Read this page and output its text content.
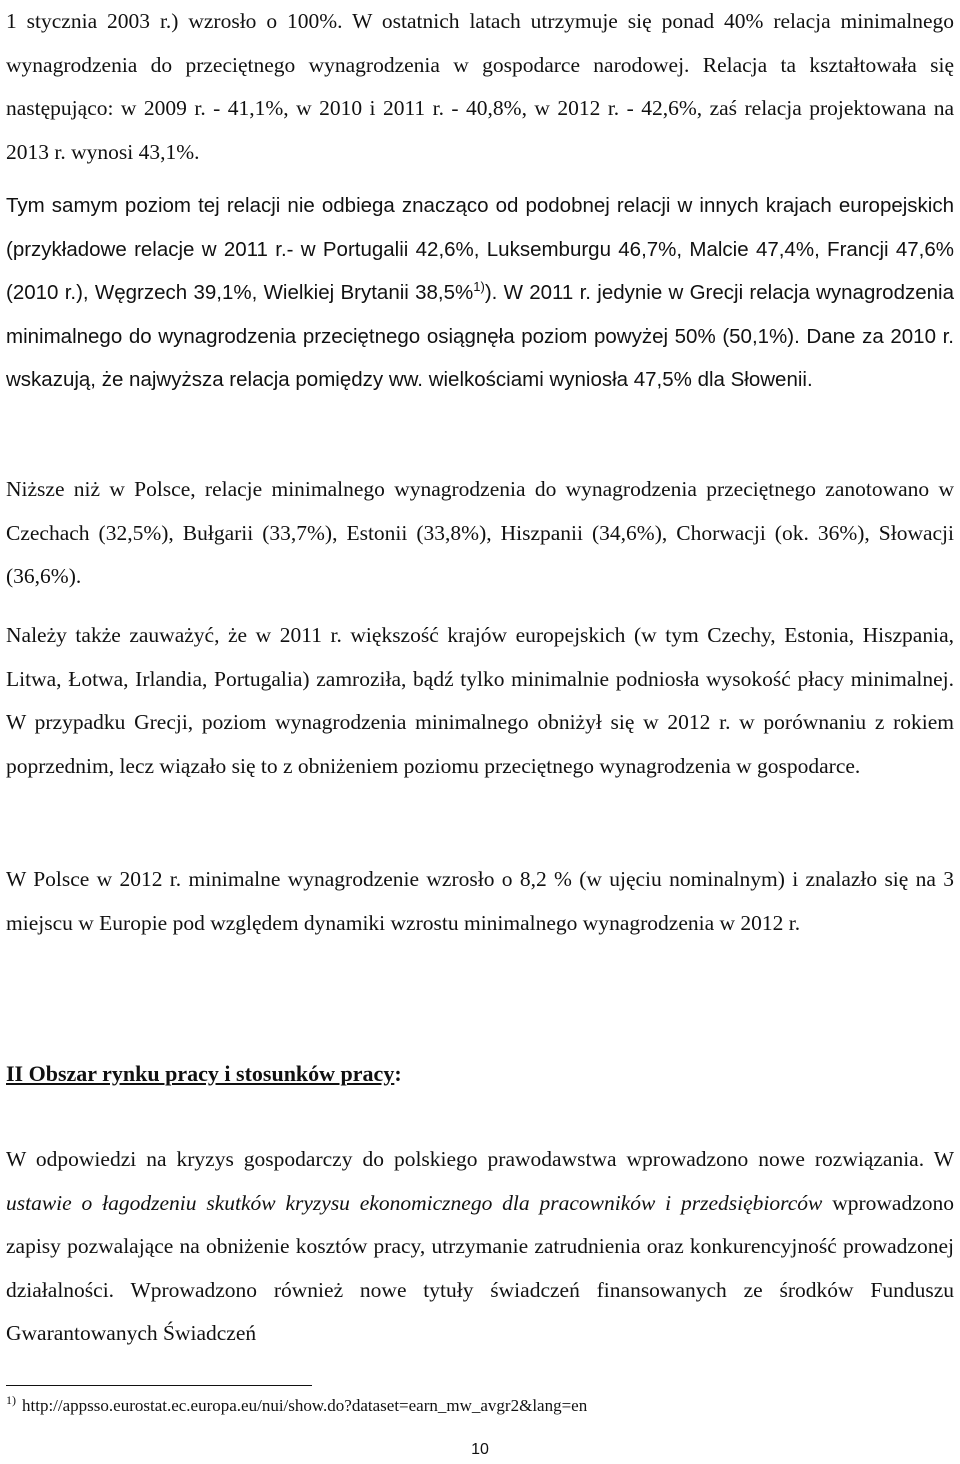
1 stycznia 2003 r.) wzrosło o 100%. W ostatnich latach utrzymuje się ponad 40% relacja minimalnego wynagrodzenia do przeciętnego wynagrodzenia w gospodarce narodowej. Relacja ta kształtowała się następująco: w 2009 r. - 41,1%, w 2010 i 2011 r. - 40,8%, w 2012 r. - 42,6%, zaś relacja projektowana na 2013 r. wynosi 43,1%.

Tym samym poziom tej relacji nie odbiega znacząco od podobnej relacji w innych krajach europejskich (przykładowe relacje w 2011 r.- w Portugalii 42,6%, Luksemburgu 46,7%, Malcie 47,4%, Francji 47,6% (2010 r.), Węgrzech 39,1%, Wielkiej Brytanii 38,5%$^{1)}$). W 2011 r. jedynie w Grecji relacja wynagrodzenia minimalnego do wynagrodzenia przeciętnego osiągnęła poziom powyżej 50% (50,1%). Dane za 2010 r. wskazują, że najwyższa relacja pomiędzy ww. wielkościami wyniosła 47,5% dla Słowenii.

Niższe niż w Polsce, relacje minimalnego wynagrodzenia do wynagrodzenia przeciętnego zanotowano w Czechach (32,5%), Bułgarii (33,7%), Estonii (33,8%), Hiszpanii (34,6%), Chorwacji (ok. 36%), Słowacji (36,6%).

Należy także zauważyć, że w 2011 r. większość krajów europejskich (w tym Czechy, Estonia, Hiszpania, Litwa, Łotwa, Irlandia, Portugalia) zamroziła, bądź tylko minimalnie podniosła wysokość płacy minimalnej. W przypadku Grecji, poziom wynagrodzenia minimalnego obniżył się w 2012 r. w porównaniu z rokiem poprzednim, lecz wiązało się to z obniżeniem poziomu przeciętnego wynagrodzenia w gospodarce.

W Polsce w 2012 r. minimalne wynagrodzenie wzrosło o 8,2 % (w ujęciu nominalnym) i znalazło się na 3 miejscu w Europie pod względem dynamiki wzrostu minimalnego wynagrodzenia w 2012 r.

II Obszar rynku pracy i stosunków pracy:

W odpowiedzi na kryzys gospodarczy do polskiego prawodawstwa wprowadzono nowe rozwiązania. W ustawie o łagodzeniu skutków kryzysu ekonomicznego dla pracowników i przedsiębiorców wprowadzono zapisy pozwalające na obniżenie kosztów pracy, utrzymanie zatrudnienia oraz konkurencyjność prowadzonej działalności. Wprowadzono również nowe tytuły świadczeń finansowanych ze środków Funduszu Gwarantowanych Świadczeń

$^{1)}$ http://appsso.eurostat.ec.europa.eu/nui/show.do?dataset=earn_mw_avgr2&lang=en
10
